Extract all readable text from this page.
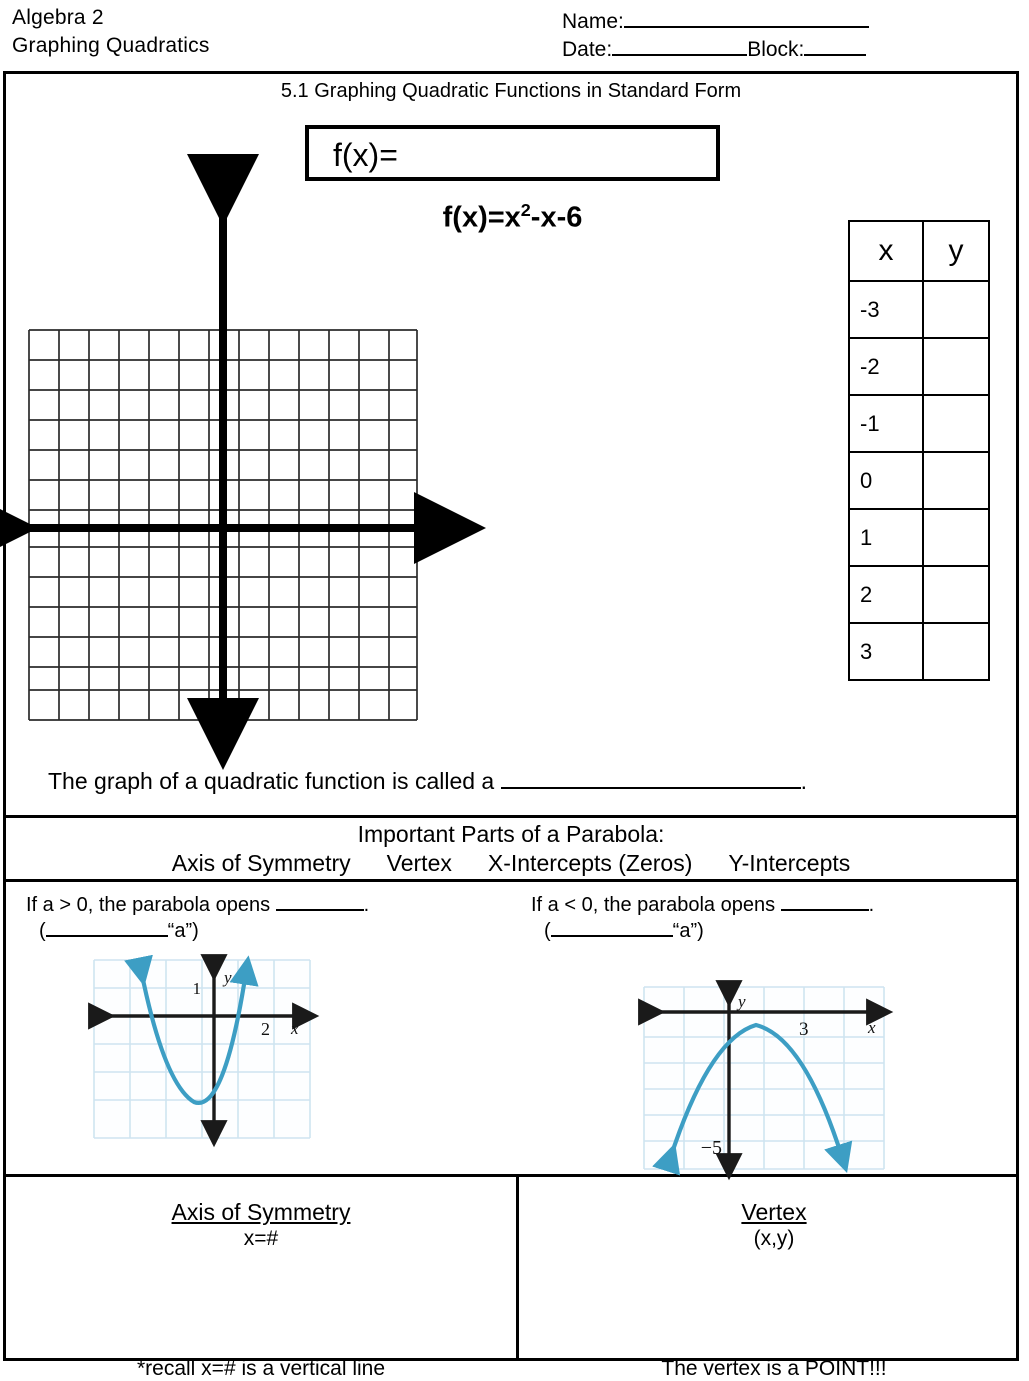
Algebra 2
Graphing Quadratics
Name:
Date:	Block:
5.1 Graphing Quadratic Functions in Standard Form
f(x)=
$f(x)=x^2-x-6$
x	y
-3	
-2	
-1	
0	
1	
2	
3	
The graph of a quadratic function is called a	.
Important Parts of a Parabola:
Axis of Symmetry Vertex X-Intercepts (Zeros) Y-Intercepts
If a > 0, the parabola opens	.
(	“a”)
1
2
y
x
If a < 0, the parabola opens	.
(	“a”)
3
−5
y
x
Axis of Symmetry
x=#
*recall x=# is a vertical line
Vertex
(x,y)
The vertex is a POINT!!!
